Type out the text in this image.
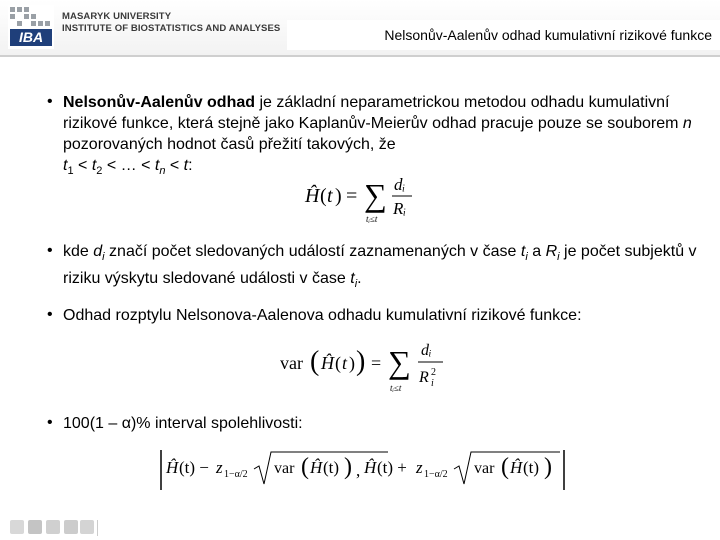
IBA
MASARYK UNIVERSITY
INSTITUTE OF BIOSTATISTICS AND ANALYSES	Nelsonův-Aalenův odhad kumulativní rizikové funkce
• Nelsonův-Aalenův odhad je základní neparametrickou metodou odhadu kumulativní rizikové funkce, která stejně jako Kaplanův-Meierův odhad pracuje pouze se souborem n pozorovaných hodnot časů přežití takových, že
$t_1 < t_2$ < … < $t_n < t$:
Ĥ ( t ) = ∑
tᵢ≤t
dᵢ
Rᵢ
• kde $d_i$ značí počet sledovaných událostí zaznamenaných v čase $t_i$ a $R_i$ je počet subjektů v riziku výskytu sledované události v čase $t_i$.
• Odhad rozptylu Nelsonova-Aalenova odhadu kumulativní rizikové funkce:
var ( Ĥ ( t ) ) = ∑
tᵢ≤t
dᵢ
R 2
i
• 100(1 – α)% interval spolehlivosti:
Ĥ (t) − z 1−α/2 var ( Ĥ (t) ) , Ĥ (t) + z 1−α/2 var ( Ĥ (t) )
